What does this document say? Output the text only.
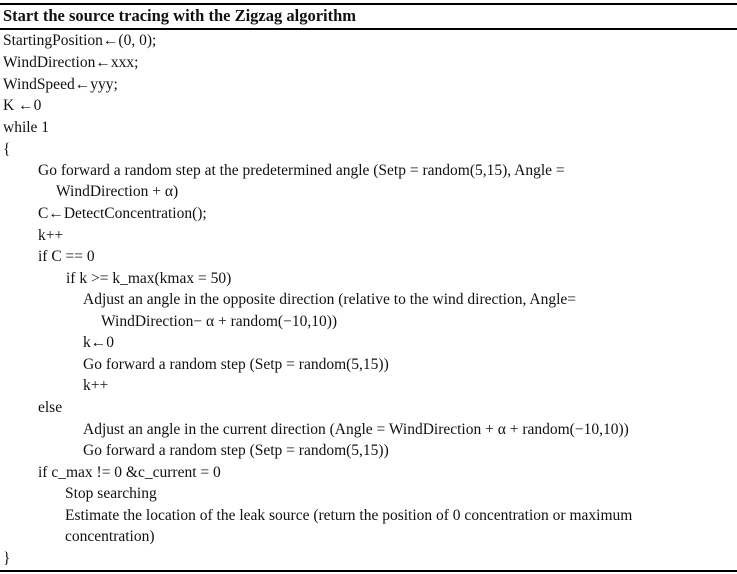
Start the source tracing with the Zigzag algorithm
StartingPosition←(0, 0);
WindDirection←xxx;
WindSpeed←yyy;
K ←0
while 1
{
Go forward a random step at the predetermined angle (Setp = random(5,15), Angle =
WindDirection + α)
C←DetectConcentration();
k++
if C == 0
if k >= k_max(kmax = 50)
Adjust an angle in the opposite direction (relative to the wind direction, Angle=
WindDirection− α + random(−10,10))
k←0
Go forward a random step (Setp = random(5,15))
k++
else
Adjust an angle in the current direction (Angle = WindDirection + α + random(−10,10))
Go forward a random step (Setp = random(5,15))
if c_max != 0 &c_current = 0
Stop searching
Estimate the location of the leak source (return the position of 0 concentration or maximum
concentration)
}
